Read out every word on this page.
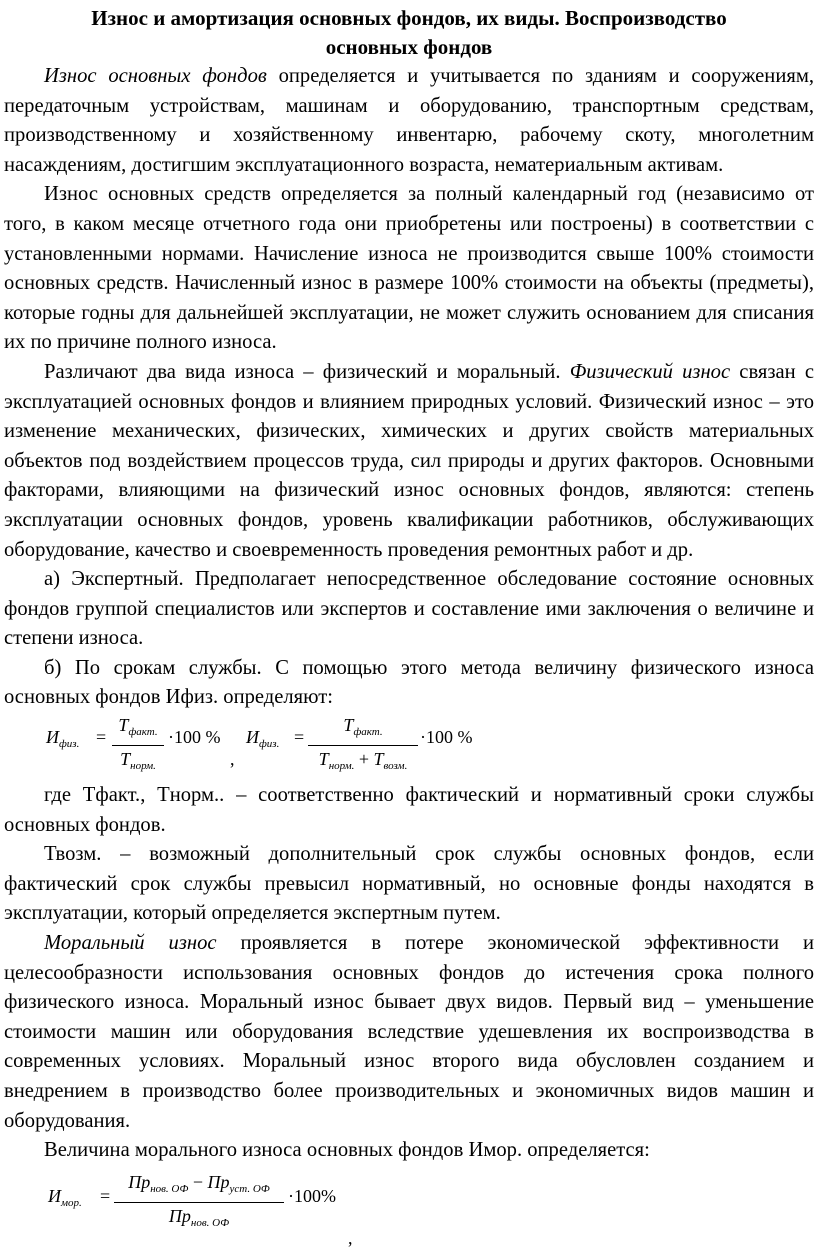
Износ и амортизация основных фондов, их виды. Воспроизводство
основных фондов

Износ основных фондов определяется и учитывается по зданиям и сооружениям, передаточным устройствам, машинам и оборудованию, транспортным средствам, производственному и хозяйственному инвентарю, рабочему скоту, многолетним насаждениям, достигшим эксплуатационного возраста, нематериальным активам.

Износ основных средств определяется за полный календарный год (независимо от того, в каком месяце отчетного года они приобретены или построены) в соответствии с установленными нормами. Начисление износа не производится свыше 100% стоимости основных средств. Начисленный износ в размере 100% стоимости на объекты (предметы), которые годны для дальнейшей эксплуатации, не может служить основанием для списания их по причине полного износа.

Различают два вида износа – физический и моральный. Физический износ связан с эксплуатацией основных фондов и влиянием природных условий. Физический износ – это изменение механических, физических, химических и других свойств материальных объектов под воздействием процессов труда, сил природы и других факторов. Основными факторами, влияющими на физический износ основных фондов, являются: степень эксплуатации основных фондов, уровень квалификации работников, обслуживающих оборудование, качество и своевременность проведения ремонтных работ и др.

а) Экспертный. Предполагает непосредственное обследование состояние основных фондов группой специалистов или экспертов и составление ими заключения о величине и степени износа.

б) По срокам службы. С помощью этого метода величину физического износа основных фондов Ифиз. определяют:

$И_{физ.}$ =
$Т_{факт.}$
$Т_{норм.}$
·100 %
,
$И_{физ.}$ =
$Т_{факт.}$
$Т_{норм.} + Т_{возм.}$
·100 %

где Тфакт., Тнорм.. – соответственно фактический и нормативный сроки службы основных фондов.

Твозм. – возможный дополнительный срок службы основных фондов, если фактический срок службы превысил нормативный, но основные фонды находятся в эксплуатации, который определяется экспертным путем.

Моральный износ проявляется в потере экономической эффективности и целесообразности использования основных фондов до истечения срока полного физического износа. Моральный износ бывает двух видов. Первый вид – уменьшение стоимости машин или оборудования вследствие удешевления их воспроизводства в современных условиях. Моральный износ второго вида обусловлен созданием и внедрением в производство более производительных и экономичных видов машин и оборудования.

Величина морального износа основных фондов Имор. определяется:

$И_{мор.}$ =
$Пр_{нов. ОФ} - Пр_{уст. ОФ}$
$Пр_{нов. ОФ}$
·100%
,
